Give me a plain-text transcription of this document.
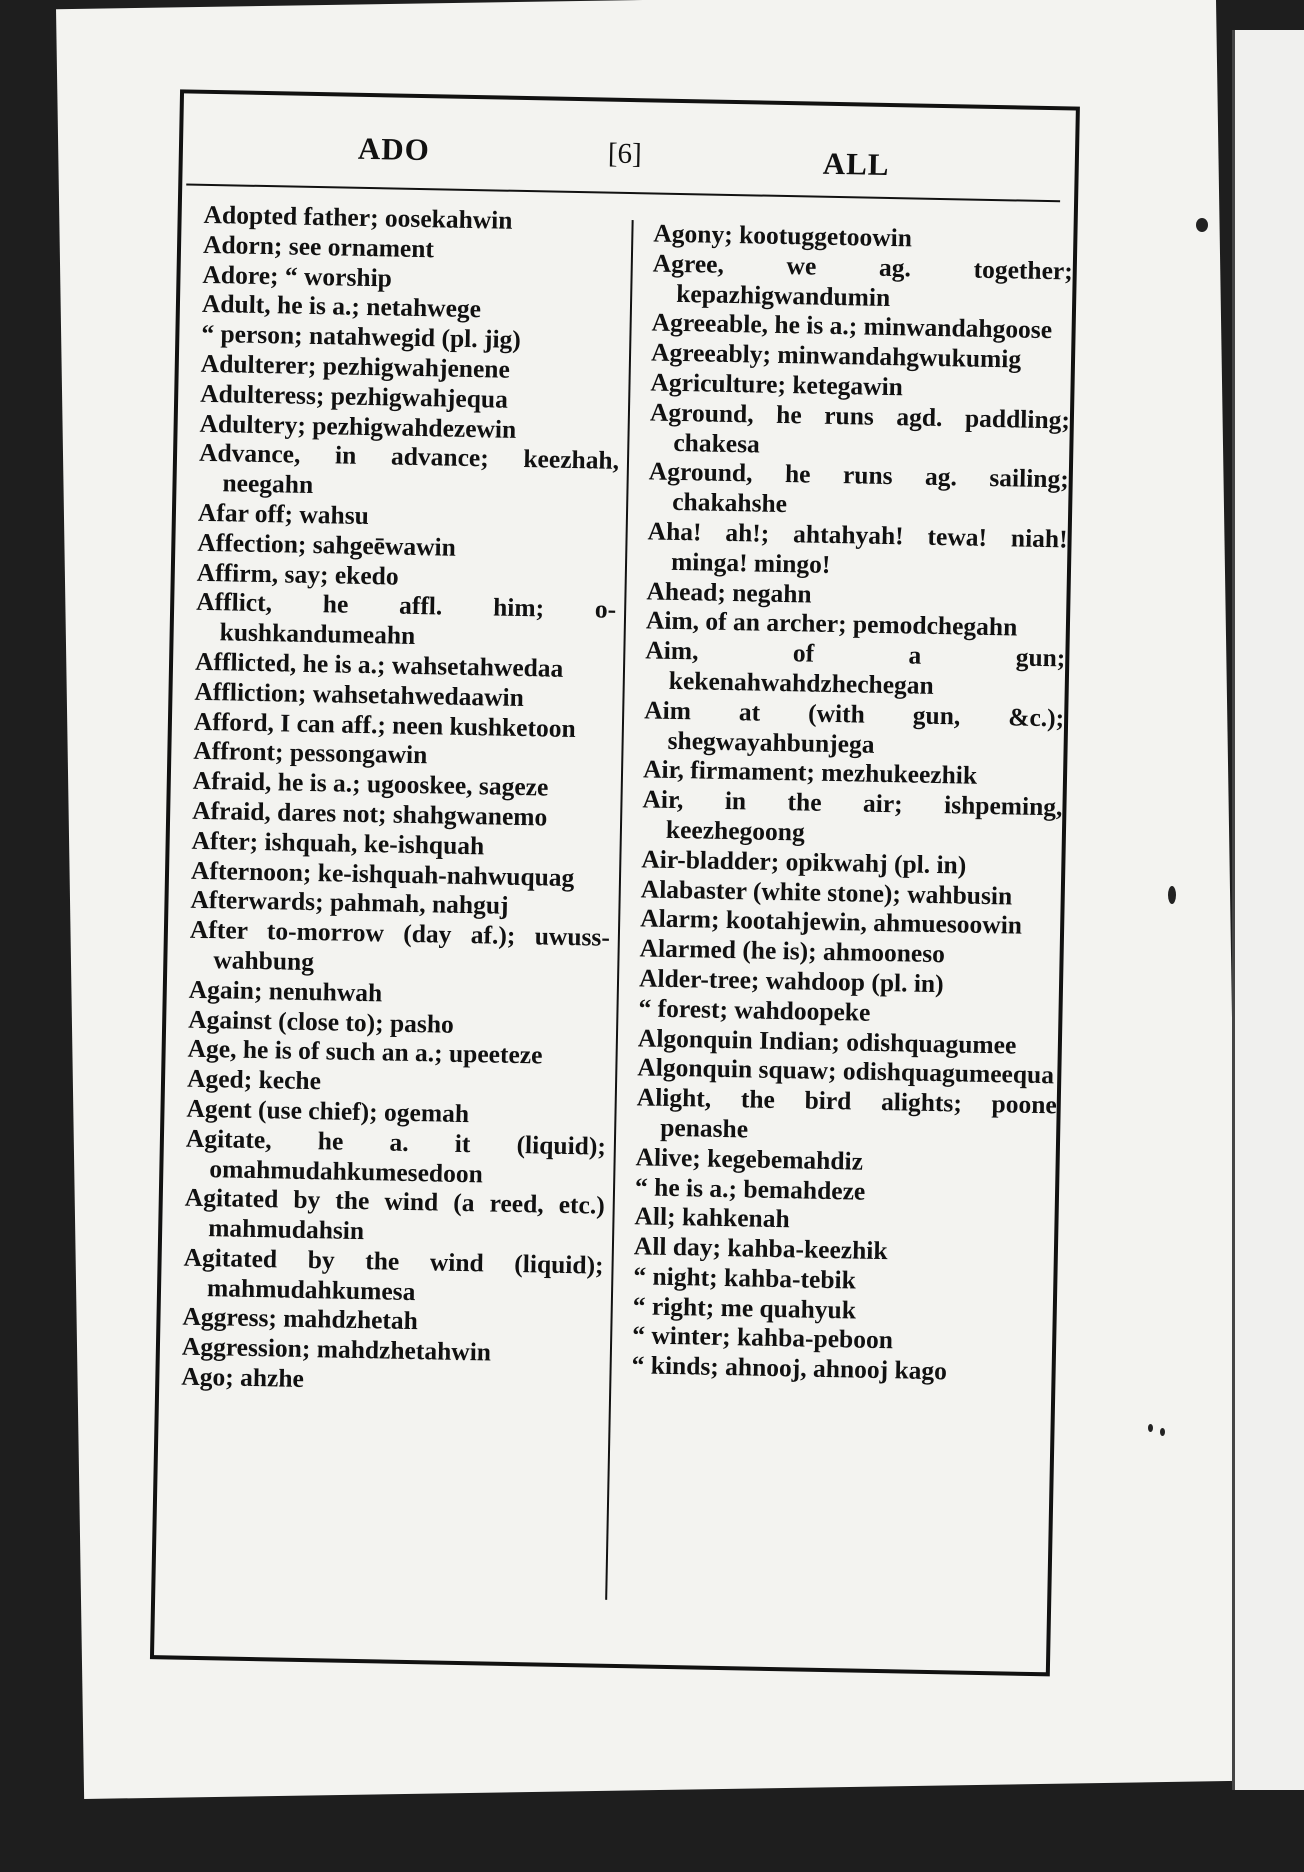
ADO	[6]	ALL

Adopted father; oosekahwin

Adorn; see ornament

Adore; “ worship

Adult, he is a.; netahwege

“ person; natahwegid (pl. jig)

Adulterer; pezhigwahjenene

Adulteress; pezhigwahjequa

Adultery; pezhigwahdezewin

Advance, in advance; keezhah, neegahn

Afar off; wahsu

Affection; sahgeēwawin

Affirm, say; ekedo

Afflict, he affl. him; o-kushkandumeahn

Afflicted, he is a.; wahsetahwedaa

Affliction; wahsetahwedaawin

Afford, I can aff.; neen kushketoon

Affront; pessongawin

Afraid, he is a.; ugooskee, sageze

Afraid, dares not; shahgwanemo

After; ishquah, ke-ishquah

Afternoon; ke-ishquah-nahwuquag

Afterwards; pahmah, nahguj

After to-morrow (day af.); uwuss-wahbung

Again; nenuhwah

Against (close to); pasho

Age, he is of such an a.; upeeteze

Aged; keche

Agent (use chief); ogemah

Agitate, he a. it (liquid); omahmudahkumesedoon

Agitated by the wind (a reed, etc.) mahmudahsin

Agitated by the wind (liquid); mahmudahkumesa

Aggress; mahdzhetah

Aggression; mahdzhetahwin

Ago; ahzhe

Agony; kootuggetoowin

Agree, we ag. together; kepazhigwandumin

Agreeable, he is a.; minwandahgoose

Agreeably; minwandahgwukumig

Agriculture; ketegawin

Aground, he runs agd. paddling; chakesa

Aground, he runs ag. sailing; chakahshe

Aha! ah!; ahtahyah! tewa! niah! minga! mingo!

Ahead; negahn

Aim, of an archer; pemodchegahn

Aim, of a gun; kekenahwahdzhechegan

Aim at (with gun, &c.); shegwayahbunjega

Air, firmament; mezhukeezhik

Air, in the air; ishpeming, keezhegoong

Air-bladder; opikwahj (pl. in)

Alabaster (white stone); wahbusin

Alarm; kootahjewin, ahmuesoowin

Alarmed (he is); ahmooneso

Alder-tree; wahdoop (pl. in)

“ forest; wahdoopeke

Algonquin Indian; odishquagumee

Algonquin squaw; odishquagumeequa

Alight, the bird alights; poone penashe

Alive; kegebemahdiz

“ he is a.; bemahdeze

All; kahkenah

All day; kahba-keezhik

“ night; kahba-tebik

“ right; me quahyuk

“ winter; kahba-peboon

“ kinds; ahnooj, ahnooj kago
